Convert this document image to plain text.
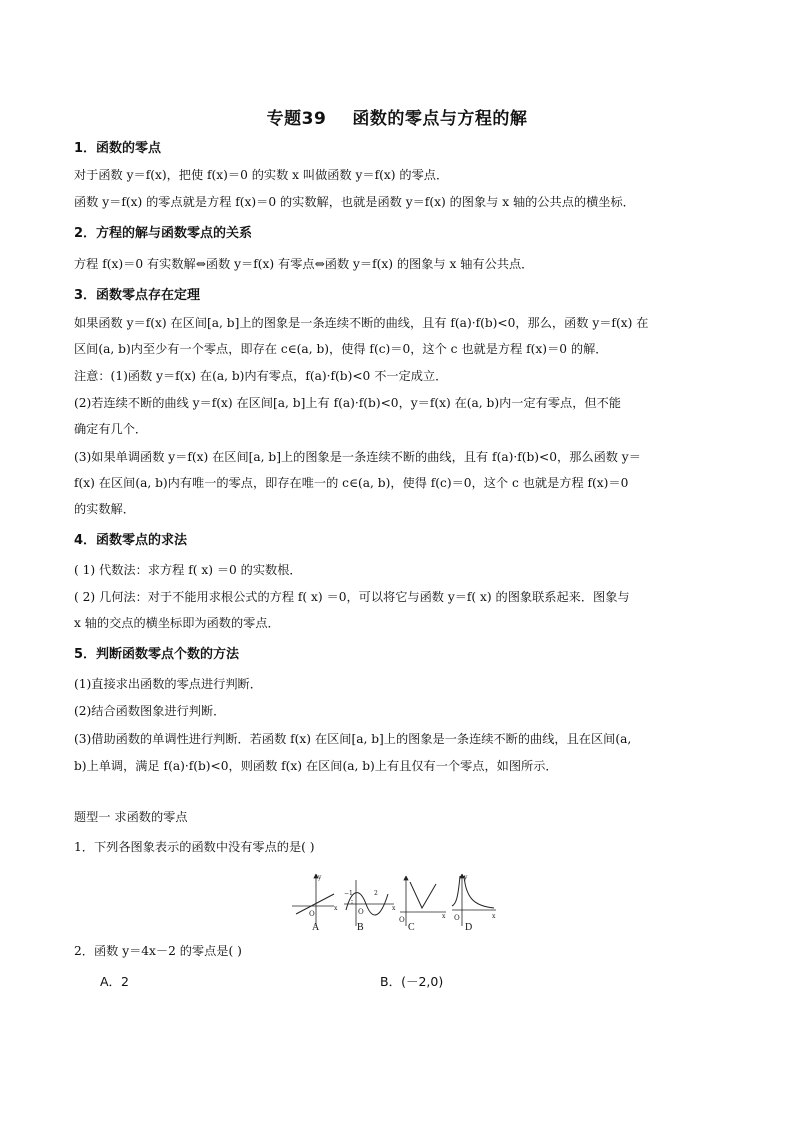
专题39 函数的零点与方程的解
1．函数的零点
对于函数 y＝f(x)，把使 f(x)＝0 的实数 x 叫做函数 y＝f(x) 的零点．
函数 y＝f(x) 的零点就是方程 f(x)＝0 的实数解，也就是函数 y＝f(x) 的图象与 x 轴的公共点的横坐标．
2．方程的解与函数零点的关系
方程 f(x)＝0 有实数解⇔函数 y＝f(x) 有零点⇔函数 y＝f(x) 的图象与 x 轴有公共点．
3．函数零点存在定理
如果函数 y＝f(x) 在区间[a, b]上的图象是一条连续不断的曲线，且有 f(a)·f(b)<0，那么，函数 y＝f(x) 在
区间(a, b)内至少有一个零点，即存在 c∈(a, b)，使得 f(c)＝0，这个 c 也就是方程 f(x)＝0 的解．
注意：(1)函数 y＝f(x) 在(a, b)内有零点，f(a)·f(b)<0 不一定成立．
(2)若连续不断的曲线 y＝f(x) 在区间[a, b]上有 f(a)·f(b)<0，y＝f(x) 在(a, b)内一定有零点，但不能
确定有几个．
(3)如果单调函数 y＝f(x) 在区间[a, b]上的图象是一条连续不断的曲线，且有 f(a)·f(b)<0，那么函数 y＝
f(x) 在区间(a, b)内有唯一的零点，即存在唯一的 c∈(a, b)，使得 f(c)＝0，这个 c 也就是方程 f(x)＝0
的实数解．
4．函数零点的求法
( 1) 代数法：求方程 f( x) ＝0 的实数根．
( 2) 几何法：对于不能用求根公式的方程 f( x) ＝0，可以将它与函数 y＝f( x) 的图象联系起来．图象与
x 轴的交点的横坐标即为函数的零点．
5．判断函数零点个数的方法
(1)直接求出函数的零点进行判断．
(2)结合函数图象进行判断．
(3)借助函数的单调性进行判断．若函数 f(x) 在区间[a, b]上的图象是一条连续不断的曲线，且在区间(a,
b)上单调，满足 f(a)·f(b)<0，则函数 f(x) 在区间(a, b)上有且仅有一个零点，如图所示．
题型一 求函数的零点
1．下列各图象表示的函数中没有零点的是( )
O
x
y
−1	2
O	x
O	x O	x
y
A	B	C	D
2．函数 y＝4x－2 的零点是( )
A．2	B．(－2,0)
